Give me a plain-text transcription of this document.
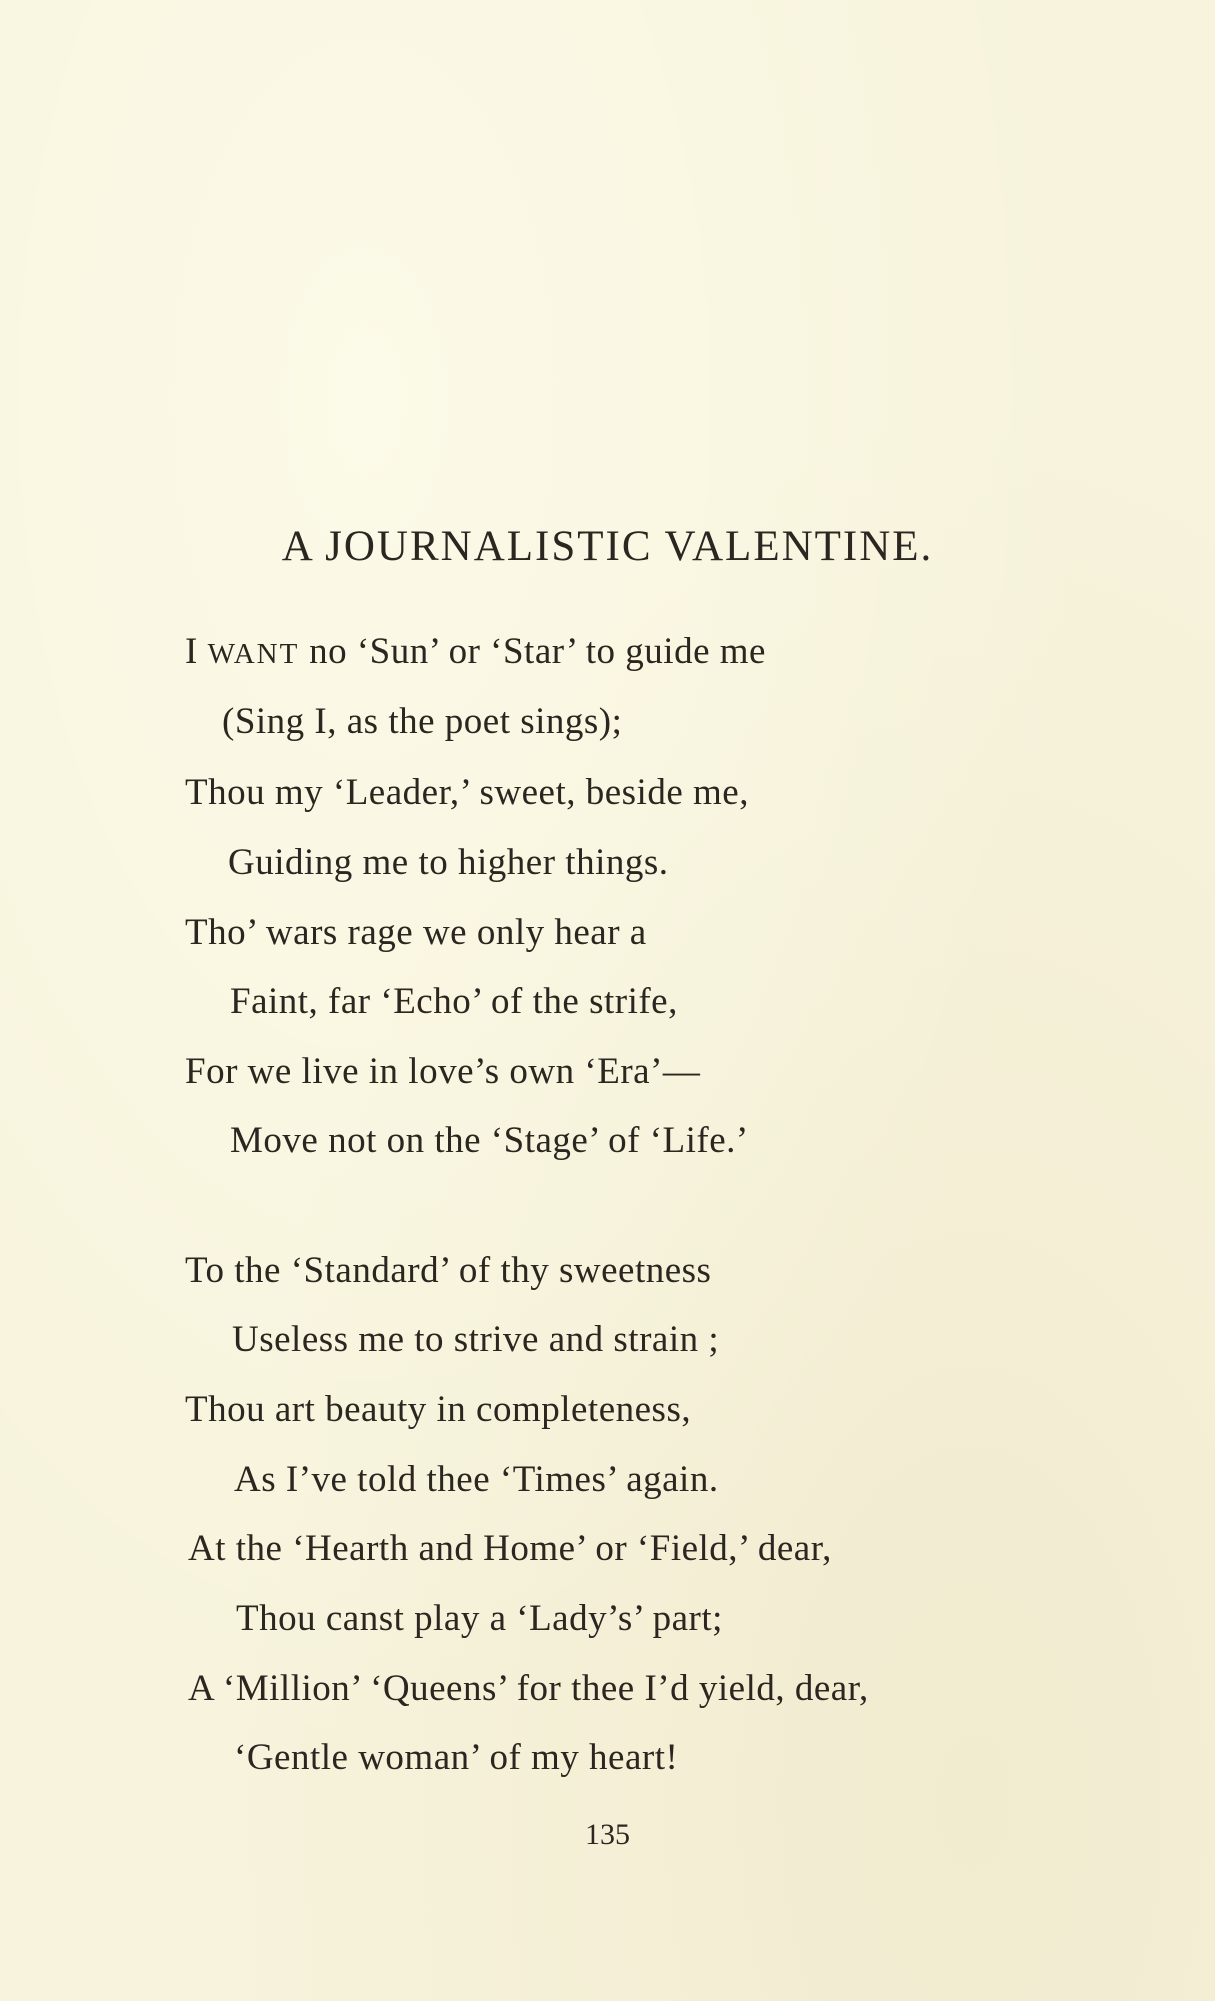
A JOURNALISTIC VALENTINE.
I WANT no ‘Sun’ or ‘Star’ to guide me
(Sing I, as the poet sings);
Thou my ‘Leader,’ sweet, beside me,
Guiding me to higher things.
Tho’ wars rage we only hear a
Faint, far ‘Echo’ of the strife,
For we live in love’s own ‘Era’—
Move not on the ‘Stage’ of ‘Life.’
To the ‘Standard’ of thy sweetness
Useless me to strive and strain ;
Thou art beauty in completeness,
As I’ve told thee ‘Times’ again.
At the ‘Hearth and Home’ or ‘Field,’ dear,
Thou canst play a ‘Lady’s’ part;
A ‘Million’ ‘Queens’ for thee I’d yield, dear,
‘Gentle woman’ of my heart!
135
